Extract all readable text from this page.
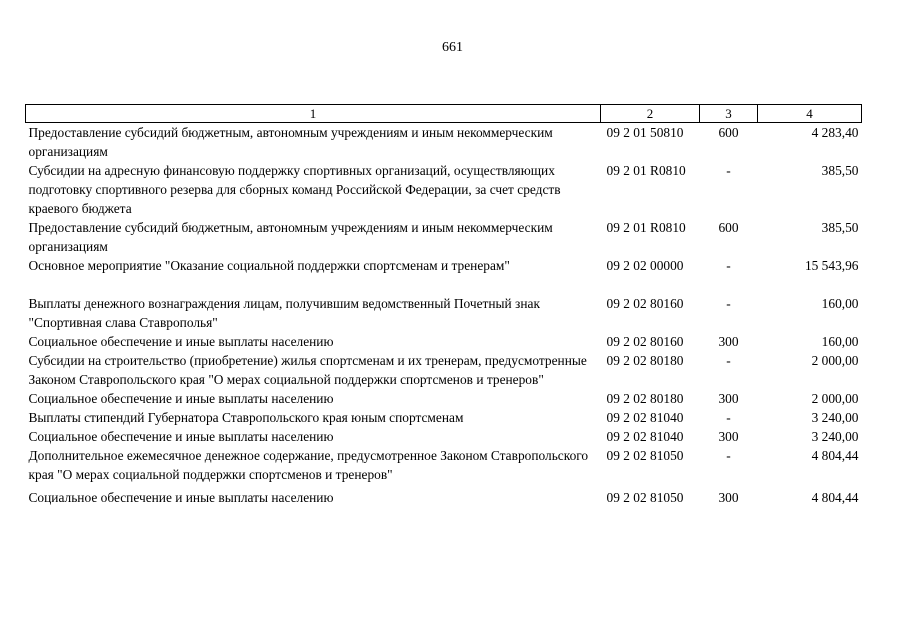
661
1	2	3	4
Предоставление субсидий бюджетным, автономным учреждениям и иным некоммерческим организациям	09 2 01 50810	600	4 283,40
Субсидии на адресную финансовую поддержку спортивных организаций, осуществляющих подготовку спортивного резерва для сборных команд Российской Федерации, за счет средств краевого бюджета	09 2 01 R0810	-	385,50
Предоставление субсидий бюджетным, автономным учреждениям и иным некоммерческим организациям	09 2 01 R0810	600	385,50
Основное мероприятие "Оказание социальной поддержки спортсменам и тренерам"	09 2 02 00000	-	15 543,96
Выплаты денежного вознаграждения лицам, получившим ведомственный Почетный знак "Спортивная слава Ставрополья"	09 2 02 80160	-	160,00
Социальное обеспечение и иные выплаты населению	09 2 02 80160	300	160,00
Субсидии на строительство (приобретение) жилья спортсменам и их тренерам, предусмотренные Законом Ставропольского края "О мерах социальной поддержки спортсменов и тренеров"	09 2 02 80180	-	2 000,00
Социальное обеспечение и иные выплаты населению	09 2 02 80180	300	2 000,00
Выплаты стипендий Губернатора Ставропольского края юным спортсменам	09 2 02 81040	-	3 240,00
Социальное обеспечение и иные выплаты населению	09 2 02 81040	300	3 240,00
Дополнительное ежемесячное денежное содержание, предусмотренное Законом Ставропольского края "О мерах социальной поддержки спортсменов и тренеров"	09 2 02 81050	-	4 804,44
Социальное обеспечение и иные выплаты населению	09 2 02 81050	300	4 804,44
